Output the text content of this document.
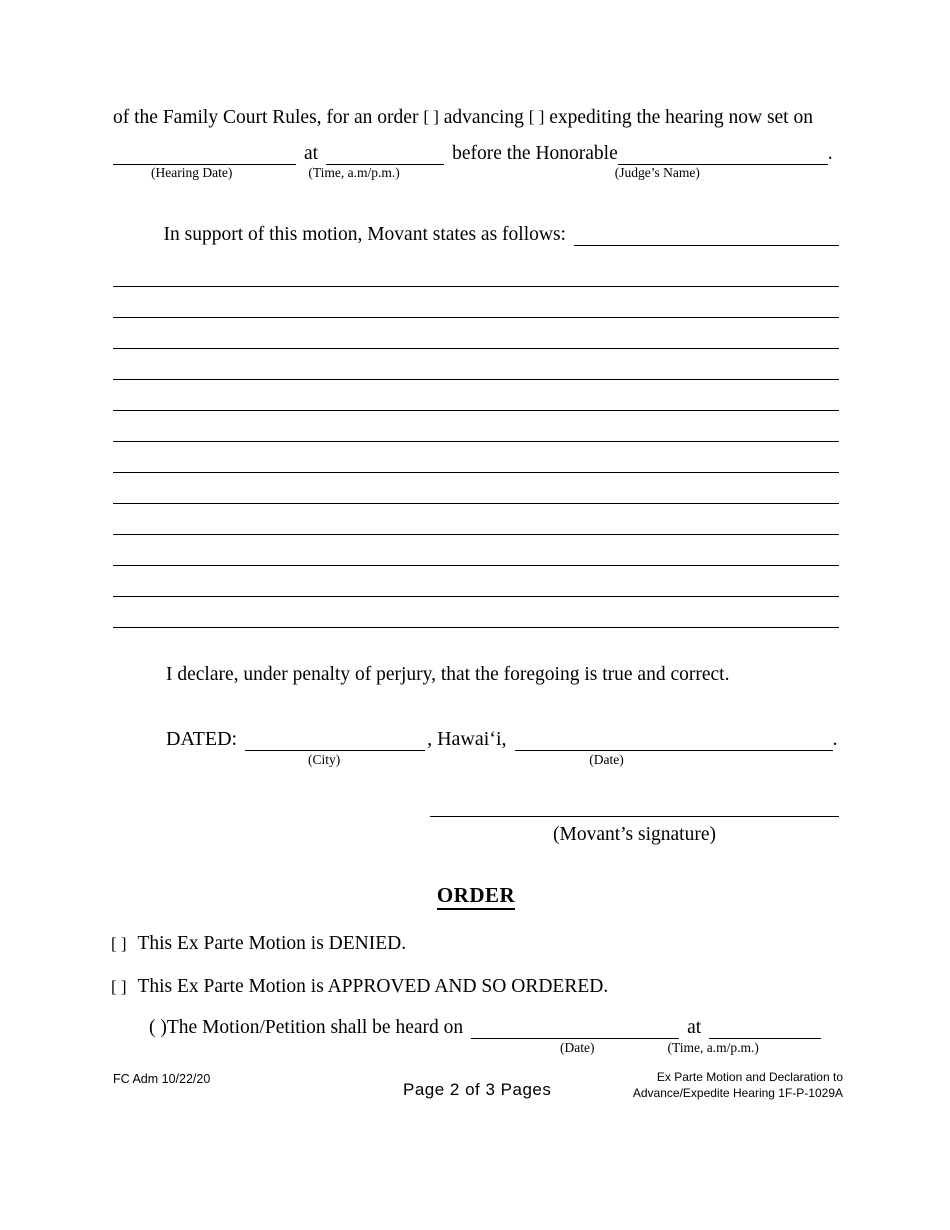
of the Family Court Rules, for an order [ ] advancing [ ] expediting the hearing now set on
at	before the Honorable	.
(Hearing Date)	(Time, a.m/p.m.)	(Judge’s Name)
In support of this motion, Movant states as follows:
I declare, under penalty of perjury, that the foregoing is true and correct.
DATED:	, Hawaiʻi,	.
(City)	(Date)
(Movant’s signature)
ORDER
[ ] This Ex Parte Motion is DENIED.
[ ] This Ex Parte Motion is APPROVED AND SO ORDERED.
( ) The Motion/Petition shall be heard on	at
(Date)	(Time, a.m/p.m.)
FC Adm 10/22/20
Page 2 of 3 Pages
Ex Parte Motion and Declaration to
Advance/Expedite Hearing 1F-P-1029A
